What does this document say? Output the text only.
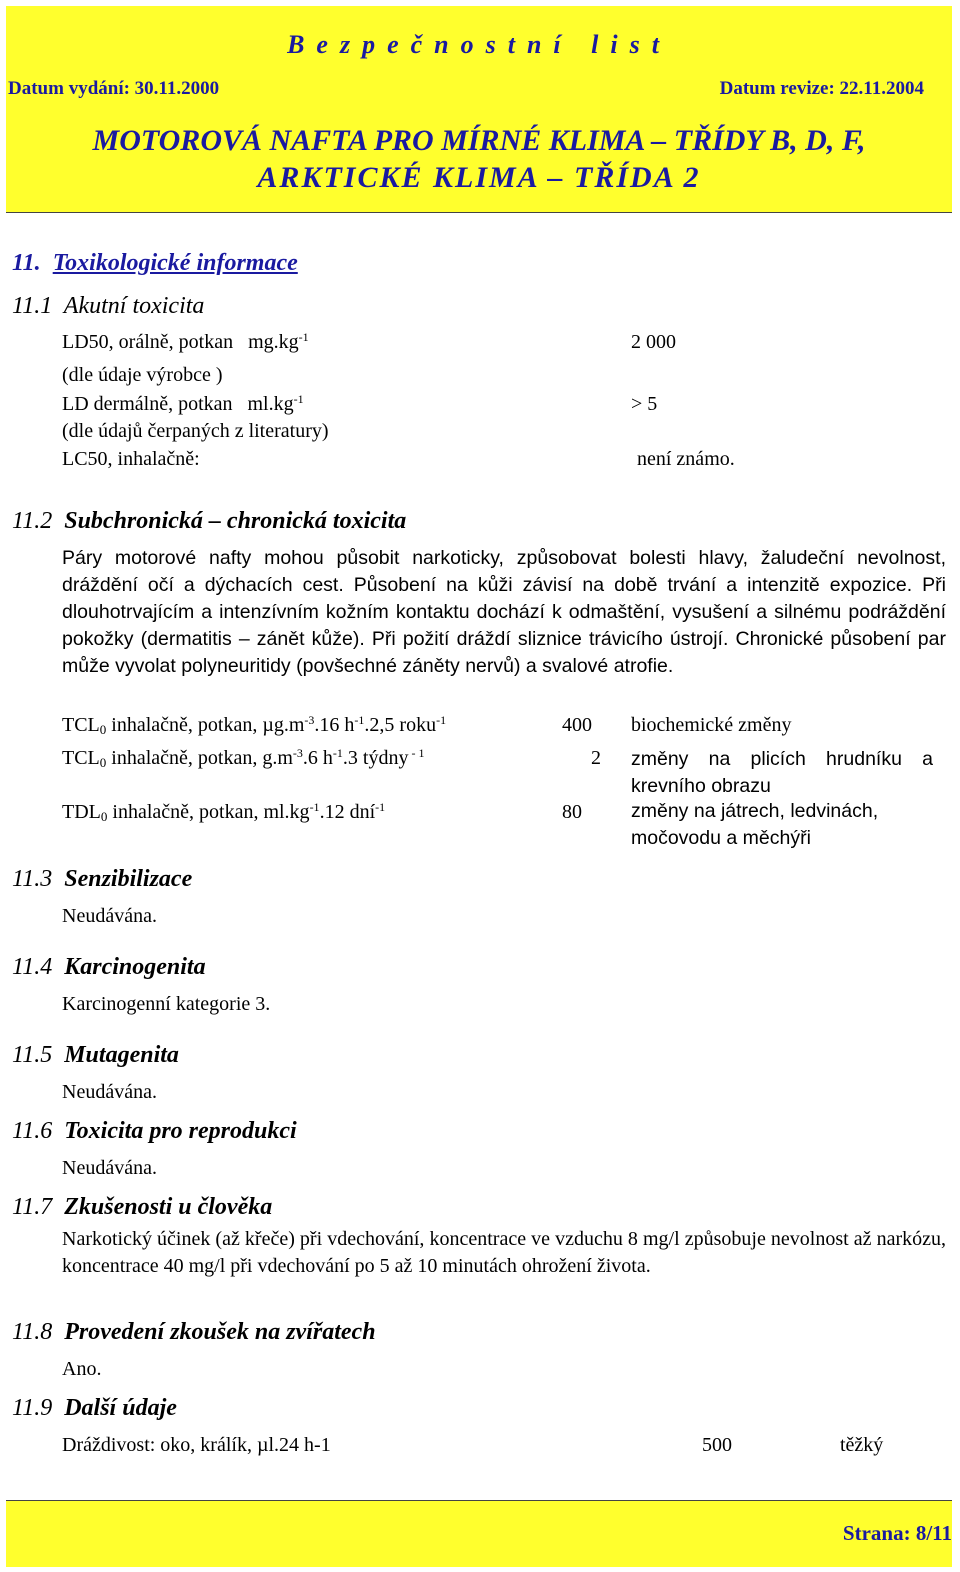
Bezpečnostní list
Datum vydání: 30.11.2000	Datum revize: 22.11.2004
MOTOROVÁ NAFTA PRO MÍRNÉ KLIMA – TŘÍDY B, D, F,
ARKTICKÉ KLIMA – TŘÍDA 2
11. Toxikologické informace
11.1 Akutní toxicita
LD50, orálně, potkan $mg.kg^{-1}$	2 000
(dle údaje výrobce )
LD dermálně, potkan $ml.kg^{-1}$	> 5
(dle údajů čerpaných z literatury)
LC50, inhalačně:	není známo.
11.2 Subchronická – chronická toxicita
Páry motorové nafty mohou působit narkoticky, způsobovat bolesti hlavy, žaludeční nevolnost, dráždění očí a dýchacích cest. Působení na kůži závisí na době trvání a intenzitě expozice. Při dlouhotrvajícím a intenzívním kožním kontaktu dochází k odmaštění, vysušení a silnému podráždění pokožky (dermatitis – zánět kůže). Při požití dráždí sliznice trávicího ústrojí. Chronické působení par může vyvolat polyneuritidy (povšechné záněty nervů) a svalové atrofie.
$TCL_0$ inhalačně, potkan, $\mu g.m^{-3}.16$ $h^{-1}.2,5$ roku$^{-1}$	400 biochemické změny
$TCL_0$ inhalačně, potkan, $g.m^{-3}.6$ $h^{-1}.3$ týdny $^{- 1}$	2 změny na plicích hrudníku a krevního obrazu
$TDL_0$ inhalačně, potkan, $ml.kg^{-1}.12$ dní$^{-1}$	80	změny na játrech, ledvinách,
močovodu a měchýři
11.3 Senzibilizace
Neudávána.
11.4 Karcinogenita
Karcinogenní kategorie 3.
11.5 Mutagenita
Neudávána.
11.6 Toxicita pro reprodukci
Neudávána.
11.7 Zkušenosti u člověka
Narkotický účinek (až křeče) při vdechování, koncentrace ve vzduchu 8 mg/l způsobuje nevolnost až narkózu, koncentrace 40 mg/l při vdechování po 5 až 10 minutách ohrožení života.
11.8 Provedení zkoušek na zvířatech
Ano.
11.9 Další údaje
Dráždivost: oko, králík, µl.24 h-1	500	těžký
Strana: 8/11
